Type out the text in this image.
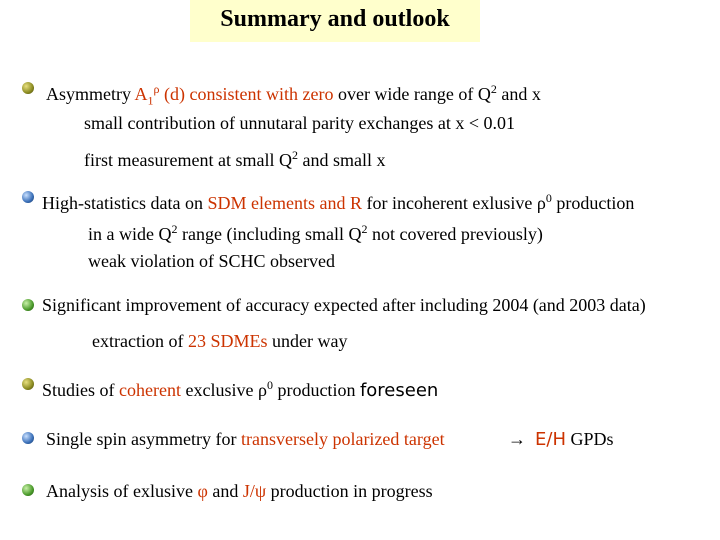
Summary and outlook
Asymmetry $A_1^\rho$ (d) consistent with zero over wide range of $Q^2$ and x
small contribution of unnutaral parity exchanges at x < 0.01
first measurement at small $Q^2$ and small x
High-statistics data on SDM elements and R for incoherent exlusive $\rho^0$ production
in a wide $Q^2$ range (including small $Q^2$ not covered previously)
weak violation of SCHC observed
Significant improvement of accuracy expected after including 2004 (and 2003 data)
extraction of 23 SDMEs under way
Studies of coherent exclusive $\rho^0$ production foreseen
Single spin asymmetry for transversely polarized target	→ E/H GPDs
Analysis of exlusive φ and J/ψ production in progress
